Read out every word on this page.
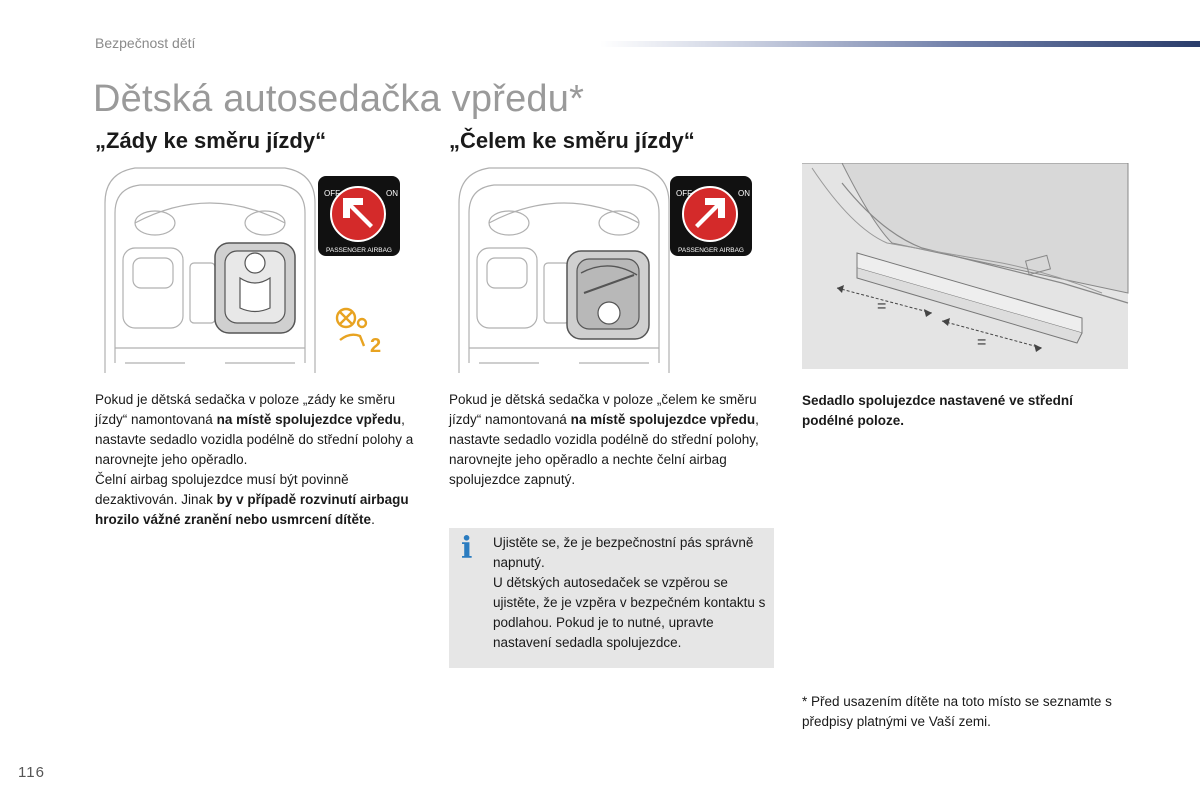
Bezpečnost dětí
Dětská autosedačka vpředu*
„Zády ke směru jízdy“	„Čelem ke směru jízdy“
OFF	ON
PASSENGER AIRBAG
2
OFF	ON
PASSENGER AIRBAG
=
=
Pokud je dětská sedačka v poloze „zády ke směru jízdy“ namontovaná na místě spolujezdce vpředu, nastavte sedadlo vozidla podélně do střední polohy a narovnejte jeho opěradlo.
Čelní airbag spolujezdce musí být povinně dezaktivován. Jinak by v případě rozvinutí airbagu hrozilo vážné zranění nebo usmrcení dítěte.
Pokud je dětská sedačka v poloze „čelem ke směru jízdy“ namontovaná na místě spolujezdce vpředu, nastavte sedadlo vozidla podélně do střední polohy, narovnejte jeho opěradlo a nechte čelní airbag spolujezdce zapnutý.
Sedadlo spolujezdce nastavené ve střední podélné poloze.
i Ujistěte se, že je bezpečnostní pás správně napnutý.
U dětských autosedaček se vzpěrou se ujistěte, že je vzpěra v bezpečném kontaktu s podlahou. Pokud je to nutné, upravte nastavení sedadla spolujezdce.
* Před usazením dítěte na toto místo se seznamte s předpisy platnými ve Vaší zemi.
116
